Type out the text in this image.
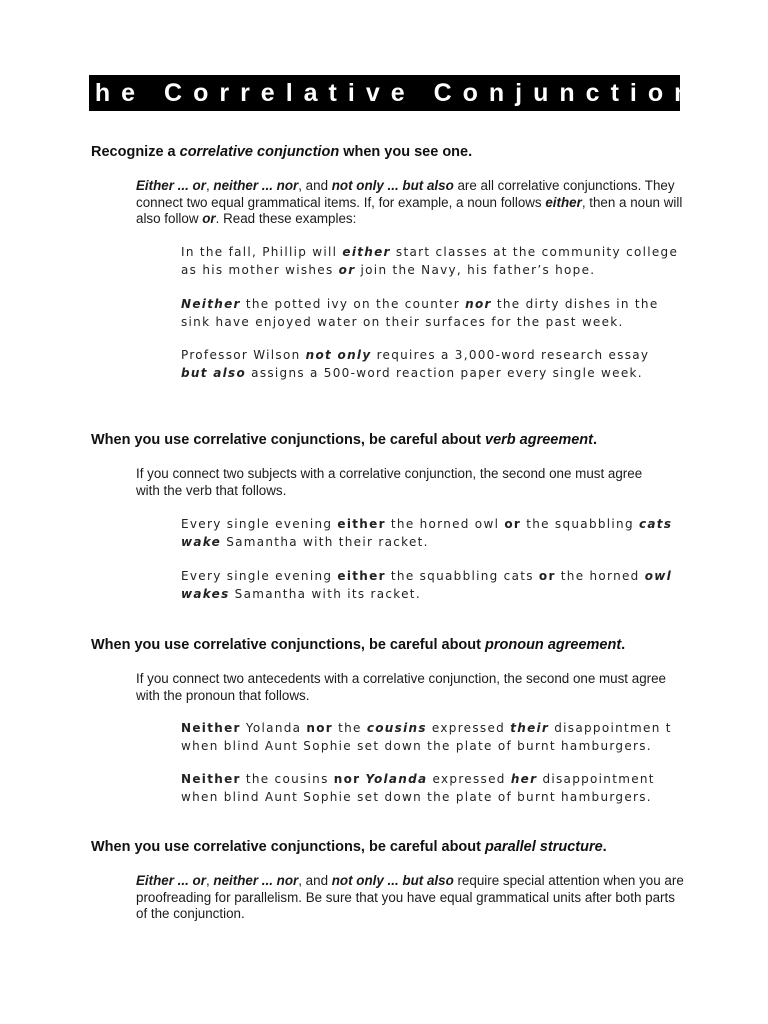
The Correlative Conjunction
Recognize a correlative conjunction when you see one.
Either ... or, neither ... nor, and not only ... but also are all correlative conjunctions. They connect two equal grammatical items. If, for example, a noun follows either, then a noun will also follow or. Read these examples:
In the fall, Phillip will either start classes at the community college as his mother wishes or join the Navy, his father’s hope.
Neither the potted ivy on the counter nor the dirty dishes in the sink have enjoyed water on their surfaces for the past week.
Professor Wilson not only requires a 3,000-word research essay but also assigns a 500-word reaction paper every single week.
When you use correlative conjunctions, be careful about verb agreement.
If you connect two subjects with a correlative conjunction, the second one must agree with the verb that follows.
Every single evening either the horned owl or the squabbling cats wake Samantha with their racket.
Every single evening either the squabbling cats or the horned owl wakes Samantha with its racket.
When you use correlative conjunctions, be careful about pronoun agreement.
If you connect two antecedents with a correlative conjunction, the second one must agree with the pronoun that follows.
Neither Yolanda nor the cousins expressed their disappointmen t when blind Aunt Sophie set down the plate of burnt hamburgers.
Neither the cousins nor Yolanda expressed her disappointment when blind Aunt Sophie set down the plate of burnt hamburgers.
When you use correlative conjunctions, be careful about parallel structure.
Either ... or, neither ... nor, and not only ... but also require special attention when you are proofreading for parallelism. Be sure that you have equal grammatical units after both parts of the conjunction.
